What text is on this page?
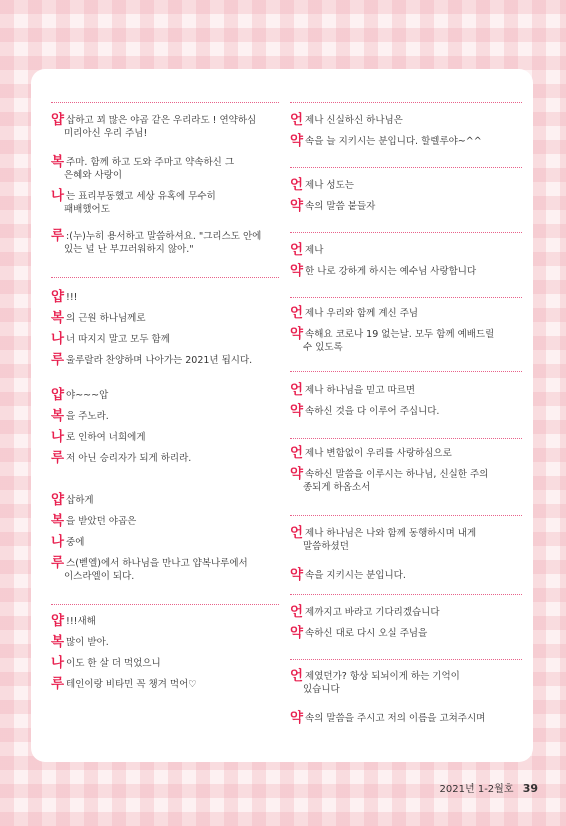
얍 삽하고 꾀 많은 야곱 같은 우리라도 ! 연약하심
미리아신 우리 주님!
복 주마. 함께 하고 도와 주마고 약속하신 그
은혜와 사랑이
나 는 표리부동했고 세상 유혹에 무수히
패배했어도
루 :(누)누히 용서하고 말씀하셔요. "그리스도 안에
있는 널 난 부끄러워하지 않아."
얍 !!!
복 의 근원 하나님께로
나 너 따지지 말고 모두 함께
루 울루랄라 찬양하며 나아가는 2021년 됩시다.
얍 야~~~압
복 을 주노라.
나 로 인하여 너희에게
루 저 아닌 승리자가 되게 하리라.
얍 삽하게
복 을 받았던 야곱은
나 중에
루 스(벧엘)에서 하나님을 만나고 얍복나루에서
이스라엘이 되다.
얍 !!!새해
복 많이 받아.
나 이도 한 살 더 먹었으니
루 테인이랑 비타민 꼭 챙겨 먹어♡
언 제나 신실하신 하나님은
약 속을 늘 지키시는 분입니다. 할렐루야~^^
언 제나 성도는
약 속의 말씀 붙들자
언 제나
약 한 나로 강하게 하시는 예수님 사랑합니다
언 제나 우리와 함께 계신 주님
약 속해요 코로나 19 없는날. 모두 함께 예배드릴
수 있도록
언 제나 하나님을 믿고 따르면
약 속하신 것을 다 이루어 주십니다.
언 제나 변함없이 우리를 사랑하심으로
약 속하신 말씀을 이루시는 하나님, 신실한 주의
종되게 하옵소서
언 제나 하나님은 나와 함께 동행하시며 내게
말씀하셨던
약 속을 지키시는 분입니다.
언 제까지고 바라고 기다리겠습니다
약 속하신 대로 다시 오실 주님을
언 제였던가? 항상 되뇌이게 하는 기억이
있습니다
약 속의 말씀을 주시고 저의 이름을 고쳐주시며
2021년 1-2월호 39
